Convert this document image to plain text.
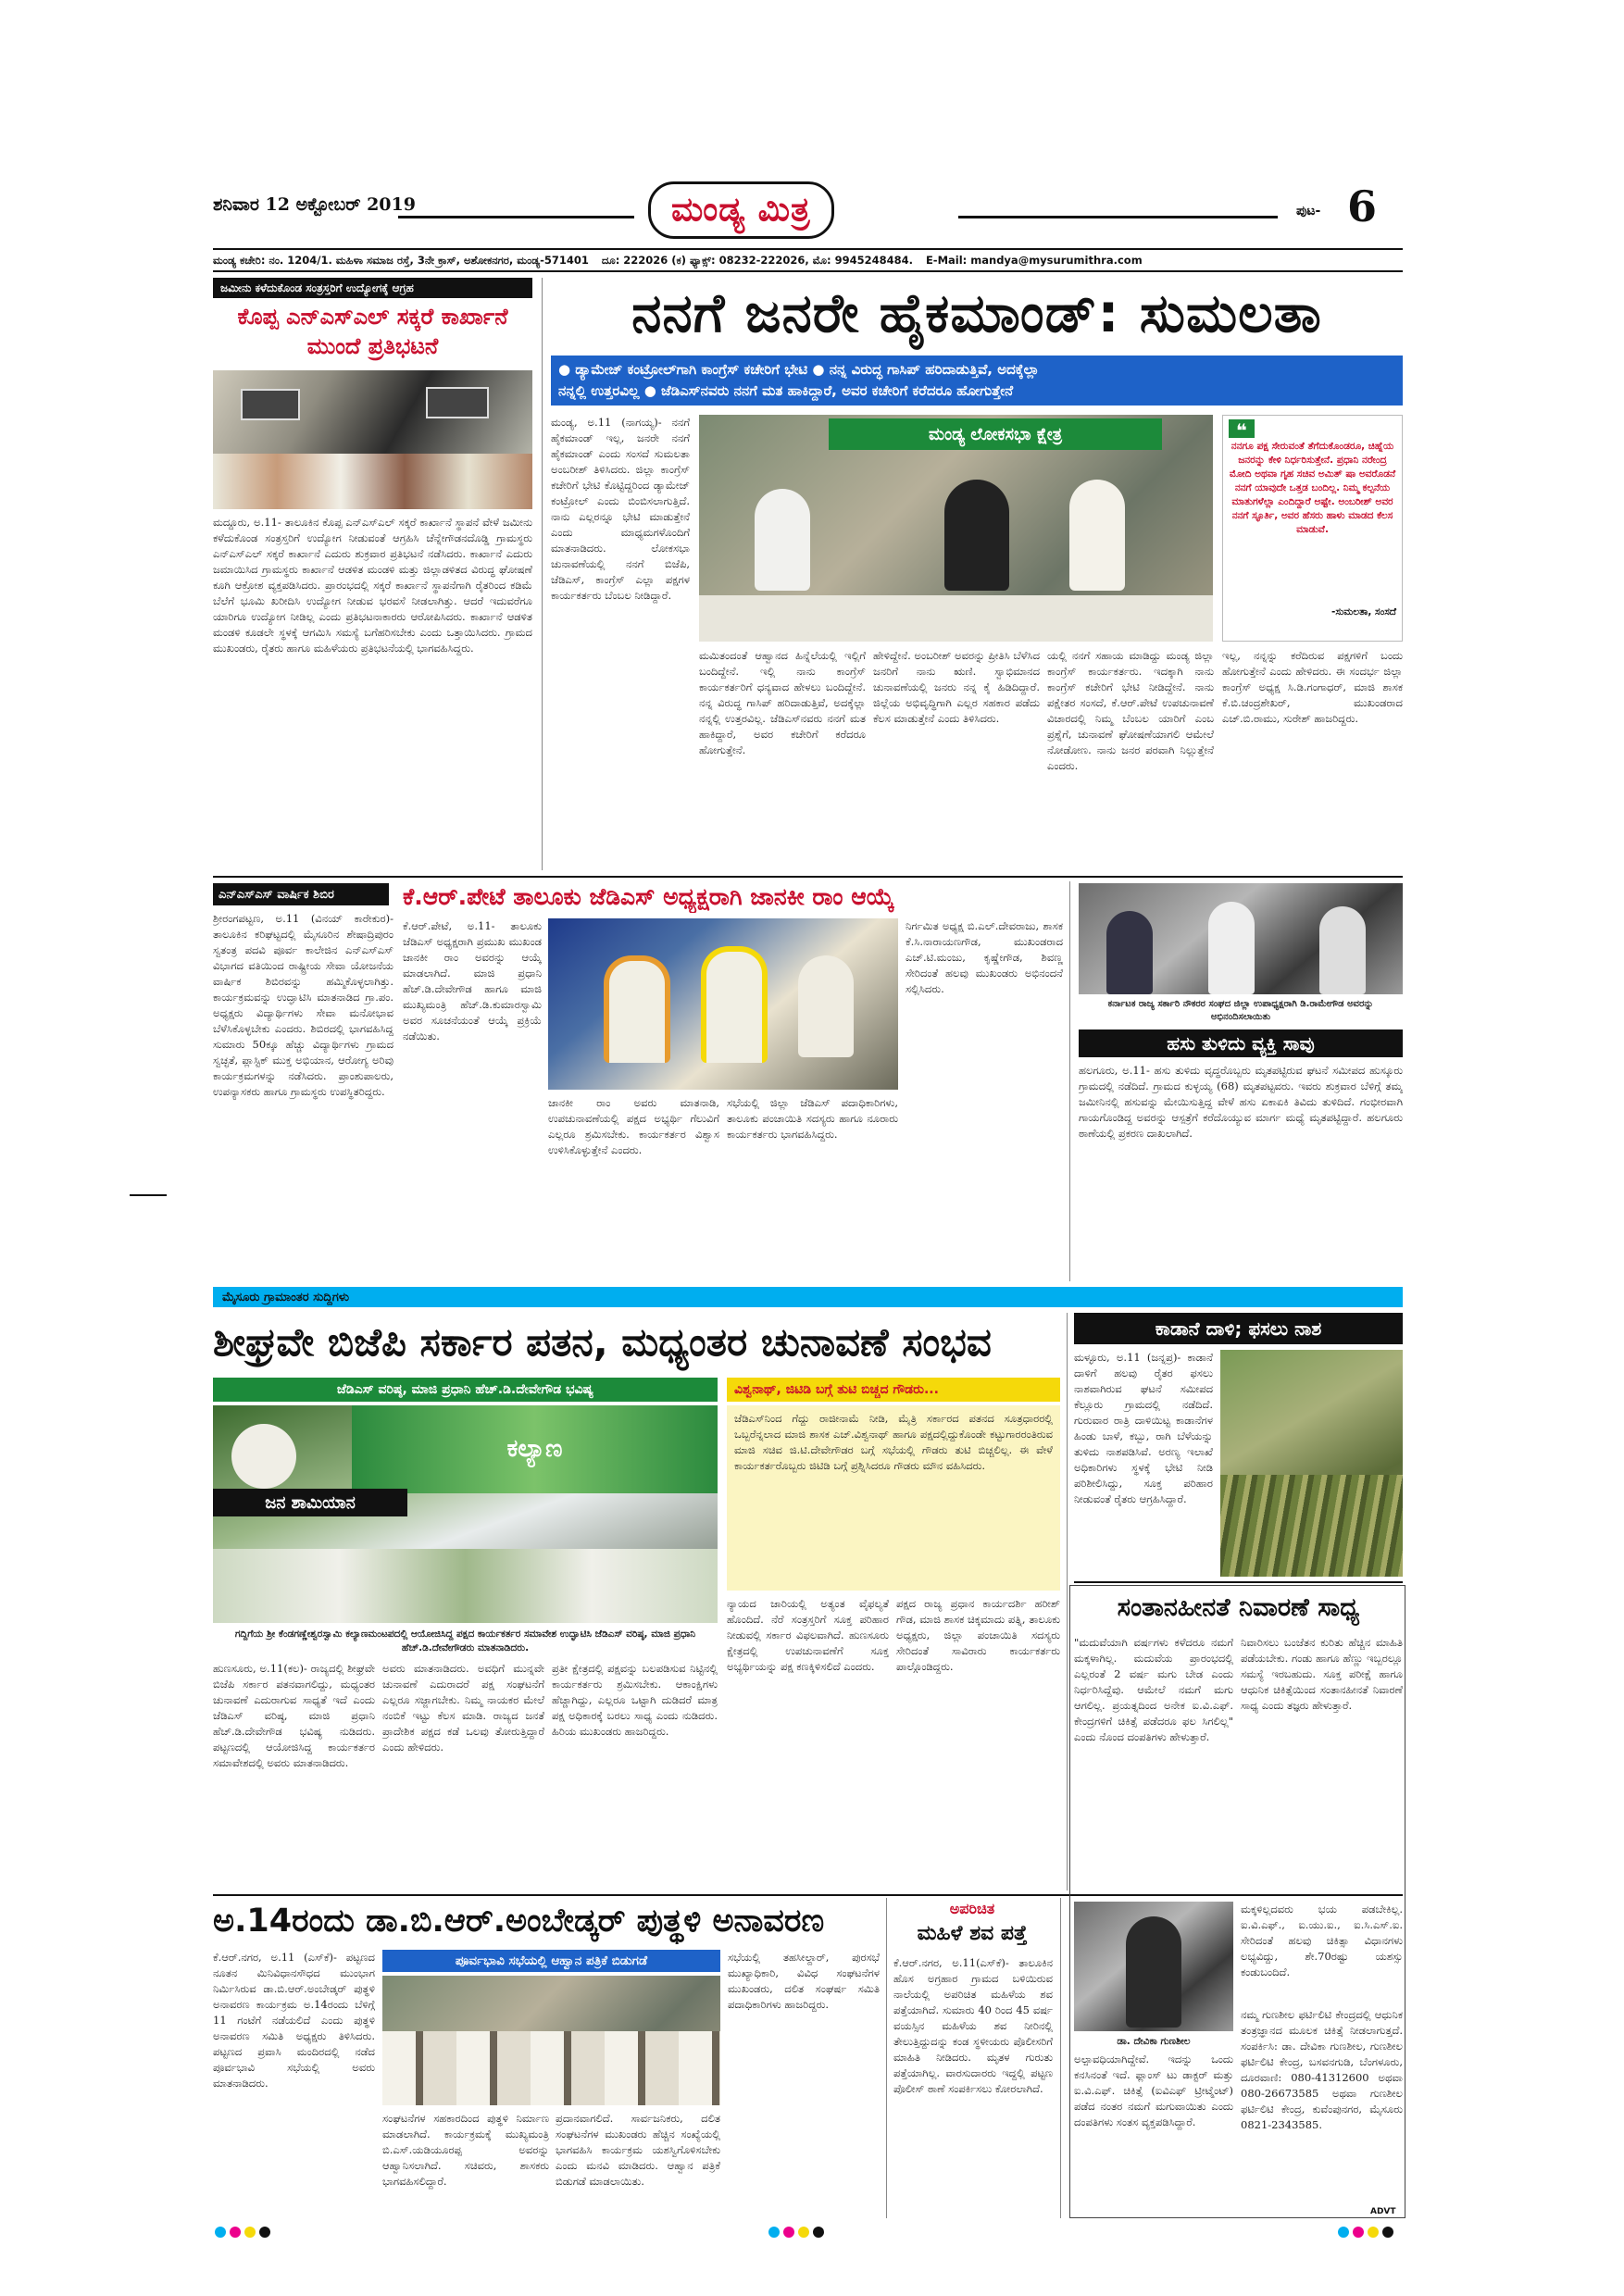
ಶನಿವಾರ 12 ಅಕ್ಟೋಬರ್ 2019	ಮಂಡ್ಯ ಮಿತ್ರ	ಪುಟ- 6
ಮಂಡ್ಯ ಕಚೇರಿ: ನಂ. 1204/1. ಮಹಿಳಾ ಸಮಾಜ ರಸ್ತೆ, 3ನೇ ಕ್ರಾಸ್, ಅಶೋಕನಗರ, ಮಂಡ್ಯ-571401 ದೂ: 222026 (ಕ) ಫ್ಯಾಕ್ಸ್: 08232-222026, ಮೊ: 9945248484. E-Mail: mandya@mysurumithra.com
ಜಮೀನು ಕಳೆದುಕೊಂಡ ಸಂತ್ರಸ್ತರಿಗೆ ಉದ್ಯೋಗಕ್ಕೆ ಆಗ್ರಹ
ಕೊಪ್ಪ ಎನ್‌ಎಸ್‌ಎಲ್ ಸಕ್ಕರೆ ಕಾರ್ಖಾನೆ ಮುಂದೆ ಪ್ರತಿಭಟನೆ
ಮದ್ದೂರು, ಅ.11- ತಾಲೂಕಿನ ಕೊಪ್ಪ ಎನ್‌ಎಸ್‌ಎಲ್ ಸಕ್ಕರೆ ಕಾರ್ಖಾನೆ ಸ್ಥಾಪನೆ ವೇಳೆ ಜಮೀನು ಕಳೆದುಕೊಂಡ ಸಂತ್ರಸ್ತರಿಗೆ ಉದ್ಯೋಗ ನೀಡುವಂತೆ ಆಗ್ರಹಿಸಿ ಚೆನ್ನೇಗೌಡನದೊಡ್ಡಿ ಗ್ರಾಮಸ್ಥರು ಎನ್‌ಎಸ್‌ಎಲ್ ಸಕ್ಕರೆ ಕಾರ್ಖಾನೆ ಎದುರು ಶುಕ್ರವಾರ ಪ್ರತಿಭಟನೆ ನಡೆಸಿದರು. ಕಾರ್ಖಾನೆ ಎದುರು ಜಮಾಯಿಸಿದ ಗ್ರಾಮಸ್ಥರು ಕಾರ್ಖಾನೆ ಆಡಳಿತ ಮಂಡಳಿ ಮತ್ತು ಜಿಲ್ಲಾಡಳಿತದ ವಿರುದ್ಧ ಘೋಷಣೆ ಕೂಗಿ ಆಕ್ರೋಶ ವ್ಯಕ್ತಪಡಿಸಿದರು. ಪ್ರಾರಂಭದಲ್ಲಿ ಸಕ್ಕರೆ ಕಾರ್ಖಾನೆ ಸ್ಥಾಪನೆಗಾಗಿ ರೈತರಿಂದ ಕಡಿಮೆ ಬೆಲೆಗೆ ಭೂಮಿ ಖರೀದಿಸಿ ಉದ್ಯೋಗ ನೀಡುವ ಭರವಸೆ ನೀಡಲಾಗಿತ್ತು. ಆದರೆ ಇದುವರೆಗೂ ಯಾರಿಗೂ ಉದ್ಯೋಗ ನೀಡಿಲ್ಲ ಎಂದು ಪ್ರತಿಭಟನಾಕಾರರು ಆರೋಪಿಸಿದರು. ಕಾರ್ಖಾನೆ ಆಡಳಿತ ಮಂಡಳಿ ಕೂಡಲೇ ಸ್ಥಳಕ್ಕೆ ಆಗಮಿಸಿ ಸಮಸ್ಯೆ ಬಗೆಹರಿಸಬೇಕು ಎಂದು ಒತ್ತಾಯಿಸಿದರು. ಗ್ರಾಮದ ಮುಖಂಡರು, ರೈತರು ಹಾಗೂ ಮಹಿಳೆಯರು ಪ್ರತಿಭಟನೆಯಲ್ಲಿ ಭಾಗವಹಿಸಿದ್ದರು.
ನನಗೆ ಜನರೇ ಹೈಕಮಾಂಡ್: ಸುಮಲತಾ
● ಡ್ಯಾಮೇಜ್ ಕಂಟ್ರೋಲ್‌ಗಾಗಿ ಕಾಂಗ್ರೆಸ್ ಕಚೇರಿಗೆ ಭೇಟಿ ● ನನ್ನ ವಿರುದ್ಧ ಗಾಸಿಪ್ ಹರಿದಾಡುತ್ತಿವೆ, ಅದಕ್ಕೆಲ್ಲಾ
ನನ್ನಲ್ಲಿ ಉತ್ತರವಿಲ್ಲ ● ಜೆಡಿಎಸ್‌ನವರು ನನಗೆ ಮತ ಹಾಕಿದ್ದಾರೆ, ಅವರ ಕಚೇರಿಗೆ ಕರೆದರೂ ಹೋಗುತ್ತೇನೆ
ಮಂಡ್ಯ, ಅ.11 (ನಾಗಯ್ಯ)- ನನಗೆ ಹೈಕಮಾಂಡ್ ಇಲ್ಲ, ಜನರೇ ನನಗೆ ಹೈಕಮಾಂಡ್ ಎಂದು ಸಂಸದೆ ಸುಮಲತಾ ಅಂಬರೀಶ್ ತಿಳಿಸಿದರು. ಜಿಲ್ಲಾ ಕಾಂಗ್ರೆಸ್ ಕಚೇರಿಗೆ ಭೇಟಿ ಕೊಟ್ಟಿದ್ದರಿಂದ ಡ್ಯಾಮೇಜ್ ಕಂಟ್ರೋಲ್ ಎಂದು ಬಿಂಬಿಸಲಾಗುತ್ತಿದೆ. ನಾನು ಎಲ್ಲರನ್ನೂ ಭೇಟಿ ಮಾಡುತ್ತೇನೆ ಎಂದು ಮಾಧ್ಯಮಗಳೊಂದಿಗೆ ಮಾತನಾಡಿದರು. ಲೋಕಸಭಾ ಚುನಾವಣೆಯಲ್ಲಿ ನನಗೆ ಬಿಜೆಪಿ, ಜೆಡಿಎಸ್, ಕಾಂಗ್ರೆಸ್ ಎಲ್ಲಾ ಪಕ್ಷಗಳ ಕಾರ್ಯಕರ್ತರು ಬೆಂಬಲ ನೀಡಿದ್ದಾರೆ.
ಮಂಡ್ಯ ಲೋಕಸಭಾ ಕ್ಷೇತ್ರ	❝
ನನಗೂ ಪಕ್ಷ ಸೇರುವಂತೆ ತೆಗೆದುಕೊಂಡರೂ, ಚಿಹ್ನೆಯ ಜನರನ್ನು ಕೇಳಿ ನಿರ್ಧರಿಸುತ್ತೇನೆ. ಪ್ರಧಾನಿ ನರೇಂದ್ರ ಮೋದಿ ಅಥವಾ ಗೃಹ ಸಚಿವ ಅಮಿತ್ ಷಾ ಅವರೊಡನೆ ನನಗೆ ಯಾವುದೇ ಒತ್ತಡ ಬಂದಿಲ್ಲ. ನಿಮ್ಮ ಕಲ್ಪನೆಯ ಮಾತುಗಳೆಲ್ಲಾ ಎಂದಿದ್ದಾರೆ ಅಷ್ಟೇ. ಅಂಬರೀಶ್ ಅವರ ನನಗೆ ಸ್ಫೂರ್ತಿ, ಅವರ ಹೆಸರು ಹಾಳು ಮಾಡದ ಕೆಲಸ ಮಾಡುವೆ.
-ಸುಮಲತಾ, ಸಂಸದೆ
ಮಮಿತಂದಂತೆ ಆಹ್ವಾನದ ಹಿನ್ನೆಲೆಯಲ್ಲಿ ಇಲ್ಲಿಗೆ ಬಂದಿದ್ದೇನೆ. ಇಲ್ಲಿ ನಾನು ಕಾಂಗ್ರೆಸ್ ಕಾರ್ಯಕರ್ತರಿಗೆ ಧನ್ಯವಾದ ಹೇಳಲು ಬಂದಿದ್ದೇನೆ. ನನ್ನ ವಿರುದ್ಧ ಗಾಸಿಪ್ ಹರಿದಾಡುತ್ತಿವೆ, ಅದಕ್ಕೆಲ್ಲಾ ನನ್ನಲ್ಲಿ ಉತ್ತರವಿಲ್ಲ. ಜೆಡಿಎಸ್‌ನವರು ನನಗೆ ಮತ ಹಾಕಿದ್ದಾರೆ, ಅವರ ಕಚೇರಿಗೆ ಕರೆದರೂ ಹೋಗುತ್ತೇನೆ.
ಹೇಳಿದ್ದೇನೆ. ಅಂಬರೀಶ್ ಅವರನ್ನು ಪ್ರೀತಿಸಿ ಬೆಳೆಸಿದ ಜನರಿಗೆ ನಾನು ಋಣಿ. ಸ್ವಾಭಿಮಾನದ ಚುನಾವಣೆಯಲ್ಲಿ ಜನರು ನನ್ನ ಕೈ ಹಿಡಿದಿದ್ದಾರೆ. ಜಿಲ್ಲೆಯ ಅಭಿವೃದ್ಧಿಗಾಗಿ ಎಲ್ಲರ ಸಹಕಾರ ಪಡೆದು ಕೆಲಸ ಮಾಡುತ್ತೇನೆ ಎಂದು ತಿಳಿಸಿದರು.
ಯಲ್ಲಿ ನನಗೆ ಸಹಾಯ ಮಾಡಿದ್ದು ಮಂಡ್ಯ ಜಿಲ್ಲಾ ಕಾಂಗ್ರೆಸ್ ಕಾರ್ಯಕರ್ತರು. ಇದಕ್ಕಾಗಿ ನಾನು ಕಾಂಗ್ರೆಸ್ ಕಚೇರಿಗೆ ಭೇಟಿ ನೀಡಿದ್ದೇನೆ. ನಾನು ಪಕ್ಷೇತರ ಸಂಸದೆ, ಕೆ.ಆರ್.ಪೇಟೆ ಉಪಚುನಾವಣೆ ವಿಚಾರದಲ್ಲಿ ನಿಮ್ಮ ಬೆಂಬಲ ಯಾರಿಗೆ ಎಂಬ ಪ್ರಶ್ನೆಗೆ, ಚುನಾವಣೆ ಘೋಷಣೆಯಾಗಲಿ ಆಮೇಲೆ ನೋಡೋಣ. ನಾನು ಜನರ ಪರವಾಗಿ ನಿಲ್ಲುತ್ತೇನೆ ಎಂದರು.
ಇಲ್ಲ, ನನ್ನನ್ನು ಕರೆದಿರುವ ಪಕ್ಷಗಳಿಗೆ ಬಂದು ಹೋಗುತ್ತೇನೆ ಎಂದು ಹೇಳಿದರು. ಈ ಸಂದರ್ಭ ಜಿಲ್ಲಾ ಕಾಂಗ್ರೆಸ್ ಅಧ್ಯಕ್ಷ ಸಿ.ಡಿ.ಗಂಗಾಧರ್, ಮಾಜಿ ಶಾಸಕ ಕೆ.ಬಿ.ಚಂದ್ರಶೇಖರ್, ಮುಖಂಡರಾದ ಎಚ್.ಬಿ.ರಾಮು, ಸುರೇಶ್ ಹಾಜರಿದ್ದರು.
ಎನ್‌ಎಸ್‌ಎಸ್ ವಾರ್ಷಿಕ ಶಿಬಿರ
ಶ್ರೀರಂಗಪಟ್ಟಣ, ಅ.11 (ವಿನಯ್ ಕಾರೇಕುರ)- ತಾಲೂಕಿನ ಕರಿಘಟ್ಟದಲ್ಲಿ ಮೈಸೂರಿನ ಶೇಷಾದ್ರಿಪುರಂ ಸ್ವತಂತ್ರ ಪದವಿ ಪೂರ್ವ ಕಾಲೇಜಿನ ಎನ್‌ಎಸ್‌ಎಸ್ ವಿಭಾಗದ ವತಿಯಿಂದ ರಾಷ್ಟ್ರೀಯ ಸೇವಾ ಯೋಜನೆಯ ವಾರ್ಷಿಕ ಶಿಬಿರವನ್ನು ಹಮ್ಮಿಕೊಳ್ಳಲಾಗಿತ್ತು. ಕಾರ್ಯಕ್ರಮವನ್ನು ಉದ್ಘಾಟಿಸಿ ಮಾತನಾಡಿದ ಗ್ರಾ.ಪಂ. ಅಧ್ಯಕ್ಷರು ವಿದ್ಯಾರ್ಥಿಗಳು ಸೇವಾ ಮನೋಭಾವ ಬೆಳೆಸಿಕೊಳ್ಳಬೇಕು ಎಂದರು. ಶಿಬಿರದಲ್ಲಿ ಭಾಗವಹಿಸಿದ್ದ ಸುಮಾರು 50ಕ್ಕೂ ಹೆಚ್ಚು ವಿದ್ಯಾರ್ಥಿಗಳು ಗ್ರಾಮದ ಸ್ವಚ್ಛತೆ, ಪ್ಲಾಸ್ಟಿಕ್ ಮುಕ್ತ ಅಭಿಯಾನ, ಆರೋಗ್ಯ ಅರಿವು ಕಾರ್ಯಕ್ರಮಗಳನ್ನು ನಡೆಸಿದರು. ಪ್ರಾಂಶುಪಾಲರು, ಉಪನ್ಯಾಸಕರು ಹಾಗೂ ಗ್ರಾಮಸ್ಥರು ಉಪಸ್ಥಿತರಿದ್ದರು.
ಕೆ.ಆರ್.ಪೇಟೆ ತಾಲೂಕು ಜೆಡಿಎಸ್ ಅಧ್ಯಕ್ಷರಾಗಿ ಜಾನಕೀ ರಾಂ ಆಯ್ಕೆ
ಕೆ.ಆರ್.ಪೇಟೆ, ಅ.11- ತಾಲೂಕು ಜೆಡಿಎಸ್ ಅಧ್ಯಕ್ಷರಾಗಿ ಪ್ರಮುಖ ಮುಖಂಡ ಜಾನಕೀ ರಾಂ ಅವರನ್ನು ಆಯ್ಕೆ ಮಾಡಲಾಗಿದೆ. ಮಾಜಿ ಪ್ರಧಾನಿ ಹೆಚ್.ಡಿ.ದೇವೇಗೌಡ ಹಾಗೂ ಮಾಜಿ ಮುಖ್ಯಮಂತ್ರಿ ಹೆಚ್.ಡಿ.ಕುಮಾರಸ್ವಾಮಿ ಅವರ ಸೂಚನೆಯಂತೆ ಆಯ್ಕೆ ಪ್ರಕ್ರಿಯೆ ನಡೆಯಿತು.
ನಿರ್ಗಮಿತ ಅಧ್ಯಕ್ಷ ಬಿ.ಎಲ್.ದೇವರಾಜು, ಶಾಸಕ ಕೆ.ಸಿ.ನಾರಾಯಣಗೌಡ, ಮುಖಂಡರಾದ ಎಚ್.ಟಿ.ಮಂಜು, ಕೃಷ್ಣೇಗೌಡ, ಶಿವಣ್ಣ ಸೇರಿದಂತೆ ಹಲವು ಮುಖಂಡರು ಅಭಿನಂದನೆ ಸಲ್ಲಿಸಿದರು.
ಜಾನಕೀ ರಾಂ ಅವರು ಮಾತನಾಡಿ, ಉಪಚುನಾವಣೆಯಲ್ಲಿ ಪಕ್ಷದ ಅಭ್ಯರ್ಥಿ ಗೆಲುವಿಗೆ ಎಲ್ಲರೂ ಶ್ರಮಿಸಬೇಕು. ಕಾರ್ಯಕರ್ತರ ವಿಶ್ವಾಸ ಉಳಿಸಿಕೊಳ್ಳುತ್ತೇನೆ ಎಂದರು.
ಸಭೆಯಲ್ಲಿ ಜಿಲ್ಲಾ ಜೆಡಿಎಸ್ ಪದಾಧಿಕಾರಿಗಳು, ತಾಲೂಕು ಪಂಚಾಯಿತಿ ಸದಸ್ಯರು ಹಾಗೂ ನೂರಾರು ಕಾರ್ಯಕರ್ತರು ಭಾಗವಹಿಸಿದ್ದರು.
ಕರ್ನಾಟಕ ರಾಜ್ಯ ಸರ್ಕಾರಿ ನೌಕರರ ಸಂಘದ ಜಿಲ್ಲಾ ಉಪಾಧ್ಯಕ್ಷರಾಗಿ ಡಿ.ರಾಮೇಗೌಡ ಅವರನ್ನು ಅಭಿನಂದಿಸಲಾಯಿತು
ಹಸು ತುಳಿದು ವ್ಯಕ್ತಿ ಸಾವು
ಹಲಗೂರು, ಅ.11- ಹಸು ತುಳಿದು ವೃದ್ಧರೊಬ್ಬರು ಮೃತಪಟ್ಟಿರುವ ಘಟನೆ ಸಮೀಪದ ಹುಸ್ಕೂರು ಗ್ರಾಮದಲ್ಲಿ ನಡೆದಿದೆ. ಗ್ರಾಮದ ಕುಳ್ಳಯ್ಯ (68) ಮೃತಪಟ್ಟವರು. ಇವರು ಶುಕ್ರವಾರ ಬೆಳಿಗ್ಗೆ ತಮ್ಮ ಜಮೀನಿನಲ್ಲಿ ಹಸುವನ್ನು ಮೇಯಿಸುತ್ತಿದ್ದ ವೇಳೆ ಹಸು ಏಕಾಏಕಿ ತಿವಿದು ತುಳಿದಿದೆ. ಗಂಭೀರವಾಗಿ ಗಾಯಗೊಂಡಿದ್ದ ಅವರನ್ನು ಆಸ್ಪತ್ರೆಗೆ ಕರೆದೊಯ್ಯುವ ಮಾರ್ಗ ಮಧ್ಯೆ ಮೃತಪಟ್ಟಿದ್ದಾರೆ. ಹಲಗೂರು ಠಾಣೆಯಲ್ಲಿ ಪ್ರಕರಣ ದಾಖಲಾಗಿದೆ.
ಮೈಸೂರು ಗ್ರಾಮಾಂತರ ಸುದ್ದಿಗಳು
ಶೀಘ್ರವೇ ಬಿಜೆಪಿ ಸರ್ಕಾರ ಪತನ, ಮಧ್ಯಂತರ ಚುನಾವಣೆ ಸಂಭವ
ಜೆಡಿಎಸ್ ವರಿಷ್ಠ, ಮಾಜಿ ಪ್ರಧಾನಿ ಹೆಚ್.ಡಿ.ದೇವೇಗೌಡ ಭವಿಷ್ಯ
ಕಲ್ಯಾಣ
ಜನ ಶಾಮಿಯಾನ
ಗದ್ದಿಗೆಯ ಶ್ರೀ ಕೆಂಡಗಣ್ಣೇಶ್ವರಸ್ವಾಮಿ ಕಲ್ಯಾಣಮಂಟಪದಲ್ಲಿ ಆಯೋಜಿಸಿದ್ದ ಪಕ್ಷದ ಕಾರ್ಯಕರ್ತರ ಸಮಾವೇಶ ಉದ್ಘಾಟಿಸಿ ಜೆಡಿಎಸ್ ವರಿಷ್ಠ, ಮಾಜಿ ಪ್ರಧಾನಿ ಹೆಚ್.ಡಿ.ದೇವೇಗೌಡರು ಮಾತನಾಡಿದರು.
ವಿಶ್ವನಾಥ್, ಜಿಟಿಡಿ ಬಗ್ಗೆ ತುಟಿ ಬಿಚ್ಚದ ಗೌಡರು...
ಜೆಡಿಎಸ್‌ನಿಂದ ಗೆದ್ದು ರಾಜೀನಾಮೆ ನೀಡಿ, ಮೈತ್ರಿ ಸರ್ಕಾರದ ಪತನದ ಸೂತ್ರಧಾರರಲ್ಲಿ ಒಬ್ಬರೆನ್ನಲಾದ ಮಾಜಿ ಶಾಸಕ ಎಚ್.ವಿಶ್ವನಾಥ್ ಹಾಗೂ ಪಕ್ಷದಲ್ಲಿದ್ದುಕೊಂಡೇ ಕಟ್ಟುಗಾರರಂತಿರುವ ಮಾಜಿ ಸಚಿವ ಜಿ.ಟಿ.ದೇವೇಗೌಡರ ಬಗ್ಗೆ ಸಭೆಯಲ್ಲಿ ಗೌಡರು ತುಟಿ ಬಿಚ್ಚಲಿಲ್ಲ. ಈ ವೇಳೆ ಕಾರ್ಯಕರ್ತರೊಬ್ಬರು ಜಿಟಿಡಿ ಬಗ್ಗೆ ಪ್ರಶ್ನಿಸಿದರೂ ಗೌಡರು ಮೌನ ವಹಿಸಿದರು.
ನ್ಯಾಯದ ಜಾರಿಯಲ್ಲಿ ಅತ್ಯಂತ ವೈಫಲ್ಯತೆ ಹೊಂದಿದೆ. ನೆರೆ ಸಂತ್ರಸ್ತರಿಗೆ ಸೂಕ್ತ ಪರಿಹಾರ ನೀಡುವಲ್ಲಿ ಸರ್ಕಾರ ವಿಫಲವಾಗಿದೆ. ಹುಣಸೂರು ಕ್ಷೇತ್ರದಲ್ಲಿ ಉಪಚುನಾವಣೆಗೆ ಸೂಕ್ತ ಅಭ್ಯರ್ಥಿಯನ್ನು ಪಕ್ಷ ಕಣಕ್ಕಿಳಿಸಲಿದೆ ಎಂದರು.
ಪಕ್ಷದ ರಾಜ್ಯ ಪ್ರಧಾನ ಕಾರ್ಯದರ್ಶಿ ಹರೀಶ್ ಗೌಡ, ಮಾಜಿ ಶಾಸಕ ಚಿಕ್ಕಮಾದು ಪತ್ನಿ, ತಾಲೂಕು ಅಧ್ಯಕ್ಷರು, ಜಿಲ್ಲಾ ಪಂಚಾಯಿತಿ ಸದಸ್ಯರು ಸೇರಿದಂತೆ ಸಾವಿರಾರು ಕಾರ್ಯಕರ್ತರು ಪಾಲ್ಗೊಂಡಿದ್ದರು.
ಹುಣಸೂರು, ಅ.11(ಕಲ)- ರಾಜ್ಯದಲ್ಲಿ ಶೀಘ್ರವೇ ಬಿಜೆಪಿ ಸರ್ಕಾರ ಪತನವಾಗಲಿದ್ದು, ಮಧ್ಯಂತರ ಚುನಾವಣೆ ಎದುರಾಗುವ ಸಾಧ್ಯತೆ ಇದೆ ಎಂದು ಜೆಡಿಎಸ್ ವರಿಷ್ಠ, ಮಾಜಿ ಪ್ರಧಾನಿ ಹೆಚ್.ಡಿ.ದೇವೇಗೌಡ ಭವಿಷ್ಯ ನುಡಿದರು. ಪಟ್ಟಣದಲ್ಲಿ ಆಯೋಜಿಸಿದ್ದ ಕಾರ್ಯಕರ್ತರ ಸಮಾವೇಶದಲ್ಲಿ ಅವರು ಮಾತನಾಡಿದರು.
ಅವರು ಮಾತನಾಡಿದರು. ಅವಧಿಗೆ ಮುನ್ನವೇ ಚುನಾವಣೆ ಎದುರಾದರೆ ಪಕ್ಷ ಸಂಘಟನೆಗೆ ಎಲ್ಲರೂ ಸಜ್ಜಾಗಬೇಕು. ನಿಮ್ಮ ನಾಯಕರ ಮೇಲೆ ನಂಬಿಕೆ ಇಟ್ಟು ಕೆಲಸ ಮಾಡಿ. ರಾಜ್ಯದ ಜನತೆ ಪ್ರಾದೇಶಿಕ ಪಕ್ಷದ ಕಡೆ ಒಲವು ತೋರುತ್ತಿದ್ದಾರೆ ಎಂದು ಹೇಳಿದರು.
ಪ್ರತೀ ಕ್ಷೇತ್ರದಲ್ಲಿ ಪಕ್ಷವನ್ನು ಬಲಪಡಿಸುವ ನಿಟ್ಟಿನಲ್ಲಿ ಕಾರ್ಯಕರ್ತರು ಶ್ರಮಿಸಬೇಕು. ಆಕಾಂಕ್ಷಿಗಳು ಹೆಚ್ಚಾಗಿದ್ದು, ಎಲ್ಲರೂ ಒಟ್ಟಾಗಿ ದುಡಿದರೆ ಮಾತ್ರ ಪಕ್ಷ ಅಧಿಕಾರಕ್ಕೆ ಬರಲು ಸಾಧ್ಯ ಎಂದು ನುಡಿದರು. ಹಿರಿಯ ಮುಖಂಡರು ಹಾಜರಿದ್ದರು.
ಕಾಡಾನೆ ದಾಳಿ; ಫಸಲು ನಾಶ
ಮಳ್ಳೂರು, ಅ.11 (ಜನ್ನಪ್ರ)- ಕಾಡಾನೆ ದಾಳಿಗೆ ಹಲವು ರೈತರ ಫಸಲು ನಾಶವಾಗಿರುವ ಘಟನೆ ಸಮೀಪದ ಕೆಲ್ಲೂರು ಗ್ರಾಮದಲ್ಲಿ ನಡೆದಿದೆ. ಗುರುವಾರ ರಾತ್ರಿ ದಾಳಿಯಿಟ್ಟ ಕಾಡಾನೆಗಳ ಹಿಂಡು ಬಾಳೆ, ಕಬ್ಬು, ರಾಗಿ ಬೆಳೆಯನ್ನು ತುಳಿದು ನಾಶಪಡಿಸಿವೆ. ಅರಣ್ಯ ಇಲಾಖೆ ಅಧಿಕಾರಿಗಳು ಸ್ಥಳಕ್ಕೆ ಭೇಟಿ ನೀಡಿ ಪರಿಶೀಲಿಸಿದ್ದು, ಸೂಕ್ತ ಪರಿಹಾರ ನೀಡುವಂತೆ ರೈತರು ಆಗ್ರಹಿಸಿದ್ದಾರೆ.
ಸಂತಾನಹೀನತೆ ನಿವಾರಣೆ ಸಾಧ್ಯ
"ಮದುವೆಯಾಗಿ ವರ್ಷಗಳು ಕಳೆದರೂ ನಮಗೆ ಮಕ್ಕಳಾಗಿಲ್ಲ. ಮದುವೆಯ ಪ್ರಾರಂಭದಲ್ಲಿ ಎಲ್ಲರಂತೆ 2 ವರ್ಷ ಮಗು ಬೇಡ ಎಂದು ನಿರ್ಧರಿಸಿದ್ದೆವು. ಆಮೇಲೆ ನಮಗೆ ಮಗು ಆಗಲಿಲ್ಲ. ಪ್ರಯತ್ನದಿಂದ ಅನೇಕ ಐ.ವಿ.ಎಫ್. ಕೇಂದ್ರಗಳಿಗೆ ಚಿಕಿತ್ಸೆ ಪಡೆದರೂ ಫಲ ಸಿಗಲಿಲ್ಲ" ಎಂದು ನೊಂದ ದಂಪತಿಗಳು ಹೇಳುತ್ತಾರೆ.
ನಿವಾರಿಸಲು ಬಂಜೆತನ ಕುರಿತು ಹೆಚ್ಚಿನ ಮಾಹಿತಿ ಪಡೆಯಬೇಕು. ಗಂಡು ಹಾಗೂ ಹೆಣ್ಣು ಇಬ್ಬರಲ್ಲೂ ಸಮಸ್ಯೆ ಇರಬಹುದು. ಸೂಕ್ತ ಪರೀಕ್ಷೆ ಹಾಗೂ ಆಧುನಿಕ ಚಿಕಿತ್ಸೆಯಿಂದ ಸಂತಾನಹೀನತೆ ನಿವಾರಣೆ ಸಾಧ್ಯ ಎಂದು ತಜ್ಞರು ಹೇಳುತ್ತಾರೆ.
ಅ.14ರಂದು ಡಾ.ಬಿ.ಆರ್.ಅಂಬೇಡ್ಕರ್ ಪುತ್ಥಳಿ ಅನಾವರಣ
ಕೆ.ಆರ್.ನಗರ, ಅ.11 (ಎಸ್‌ಕೆ)- ಪಟ್ಟಣದ ನೂತನ ಮಿನಿವಿಧಾನಸೌಧದ ಮುಂಭಾಗ ನಿರ್ಮಿಸಿರುವ ಡಾ.ಬಿ.ಆರ್.ಅಂಬೇಡ್ಕರ್ ಪುತ್ಥಳಿ ಅನಾವರಣ ಕಾರ್ಯಕ್ರಮ ಅ.14ರಂದು ಬೆಳಿಗ್ಗೆ 11 ಗಂಟೆಗೆ ನಡೆಯಲಿದೆ ಎಂದು ಪುತ್ಥಳಿ ಅನಾವರಣ ಸಮಿತಿ ಅಧ್ಯಕ್ಷರು ತಿಳಿಸಿದರು. ಪಟ್ಟಣದ ಪ್ರವಾಸಿ ಮಂದಿರದಲ್ಲಿ ನಡೆದ ಪೂರ್ವಭಾವಿ ಸಭೆಯಲ್ಲಿ ಅವರು ಮಾತನಾಡಿದರು.
ಪೂರ್ವಭಾವಿ ಸಭೆಯಲ್ಲಿ ಆಹ್ವಾನ ಪತ್ರಿಕೆ ಬಿಡುಗಡೆ
ಸಂಘಟನೆಗಳ ಸಹಕಾರದಿಂದ ಪುತ್ಥಳಿ ನಿರ್ಮಾಣ ಮಾಡಲಾಗಿದೆ. ಕಾರ್ಯಕ್ರಮಕ್ಕೆ ಮುಖ್ಯಮಂತ್ರಿ ಬಿ.ಎಸ್.ಯಡಿಯೂರಪ್ಪ ಅವರನ್ನು ಆಹ್ವಾನಿಸಲಾಗಿದೆ. ಸಚಿವರು, ಶಾಸಕರು ಭಾಗವಹಿಸಲಿದ್ದಾರೆ.
ಪ್ರದಾನವಾಗಲಿದೆ. ಸಾರ್ವಜನಿಕರು, ದಲಿತ ಸಂಘಟನೆಗಳ ಮುಖಂಡರು ಹೆಚ್ಚಿನ ಸಂಖ್ಯೆಯಲ್ಲಿ ಭಾಗವಹಿಸಿ ಕಾರ್ಯಕ್ರಮ ಯಶಸ್ವಿಗೊಳಿಸಬೇಕು ಎಂದು ಮನವಿ ಮಾಡಿದರು. ಆಹ್ವಾನ ಪತ್ರಿಕೆ ಬಿಡುಗಡೆ ಮಾಡಲಾಯಿತು.
ಸಭೆಯಲ್ಲಿ ತಹಸೀಲ್ದಾರ್, ಪುರಸಭೆ ಮುಖ್ಯಾಧಿಕಾರಿ, ವಿವಿಧ ಸಂಘಟನೆಗಳ ಮುಖಂಡರು, ದಲಿತ ಸಂಘರ್ಷ ಸಮಿತಿ ಪದಾಧಿಕಾರಿಗಳು ಹಾಜರಿದ್ದರು.
ಅಪರಿಚಿತ
ಮಹಿಳೆ ಶವ ಪತ್ತೆ
ಕೆ.ಆರ್.ನಗರ, ಅ.11(ಎಸ್‌ಕೆ)- ತಾಲೂಕಿನ ಹೊಸ ಅಗ್ರಹಾರ ಗ್ರಾಮದ ಬಳಿಯಿರುವ ನಾಲೆಯಲ್ಲಿ ಅಪರಿಚಿತ ಮಹಿಳೆಯ ಶವ ಪತ್ತೆಯಾಗಿದೆ. ಸುಮಾರು 40 ರಿಂದ 45 ವರ್ಷ ವಯಸ್ಸಿನ ಮಹಿಳೆಯ ಶವ ನೀರಿನಲ್ಲಿ ತೇಲುತ್ತಿದ್ದುದನ್ನು ಕಂಡ ಸ್ಥಳೀಯರು ಪೊಲೀಸರಿಗೆ ಮಾಹಿತಿ ನೀಡಿದರು. ಮೃತಳ ಗುರುತು ಪತ್ತೆಯಾಗಿಲ್ಲ. ವಾರಸುದಾರರು ಇದ್ದಲ್ಲಿ ಪಟ್ಟಣ ಪೊಲೀಸ್ ಠಾಣೆ ಸಂಪರ್ಕಿಸಲು ಕೋರಲಾಗಿದೆ.
ಡಾ. ದೇವಿಕಾ ಗುಣಶೀಲ
ಅಲ್ಪಾವಧಿಯಾಗಿದ್ದೇವೆ. ಇದನ್ನು ಒಂದು ಕನಸಿನಂತೆ ಇದೆ. ಫ್ಲಾಂಸ್ ಟು ಡಾಕ್ಟರ್ ಮತ್ತು ಐ.ವಿ.ಎಫ್. ಚಿಕಿತ್ಸೆ (ಐವಿಎಫ್ ಟ್ರೀಟ್ಮೆಂಟ್) ಪಡೆದ ನಂತರ ನಮಗೆ ಮಗುವಾಯಿತು ಎಂದು ದಂಪತಿಗಳು ಸಂತಸ ವ್ಯಕ್ತಪಡಿಸಿದ್ದಾರೆ.
ಮಕ್ಕಳಿಲ್ಲದವರು ಭಯ ಪಡಬೇಕಿಲ್ಲ. ಐ.ವಿ.ಎಫ್., ಐ.ಯು.ಐ., ಐ.ಸಿ.ಎಸ್.ಐ. ಸೇರಿದಂತೆ ಹಲವು ಚಿಕಿತ್ಸಾ ವಿಧಾನಗಳು ಲಭ್ಯವಿದ್ದು, ಶೇ.70ರಷ್ಟು ಯಶಸ್ಸು ಕಂಡುಬಂದಿದೆ.
ನಮ್ಮ ಗುಣಶೀಲ ಫರ್ಟಿಲಿಟಿ ಕೇಂದ್ರದಲ್ಲಿ ಆಧುನಿಕ ತಂತ್ರಜ್ಞಾನದ ಮೂಲಕ ಚಿಕಿತ್ಸೆ ನೀಡಲಾಗುತ್ತದೆ. ಸಂಪರ್ಕಿಸಿ: ಡಾ. ದೇವಿಕಾ ಗುಣಶೀಲ, ಗುಣಶೀಲ ಫರ್ಟಿಲಿಟಿ ಕೇಂದ್ರ, ಬಸವನಗುಡಿ, ಬೆಂಗಳೂರು, ದೂರವಾಣಿ: 080-41312600 ಅಥವಾ 080-26673585 ಅಥವಾ ಗುಣಶೀಲ ಫರ್ಟಿಲಿಟಿ ಕೇಂದ್ರ, ಕುವೆಂಪುನಗರ, ಮೈಸೂರು 0821-2343585.
ADVT
